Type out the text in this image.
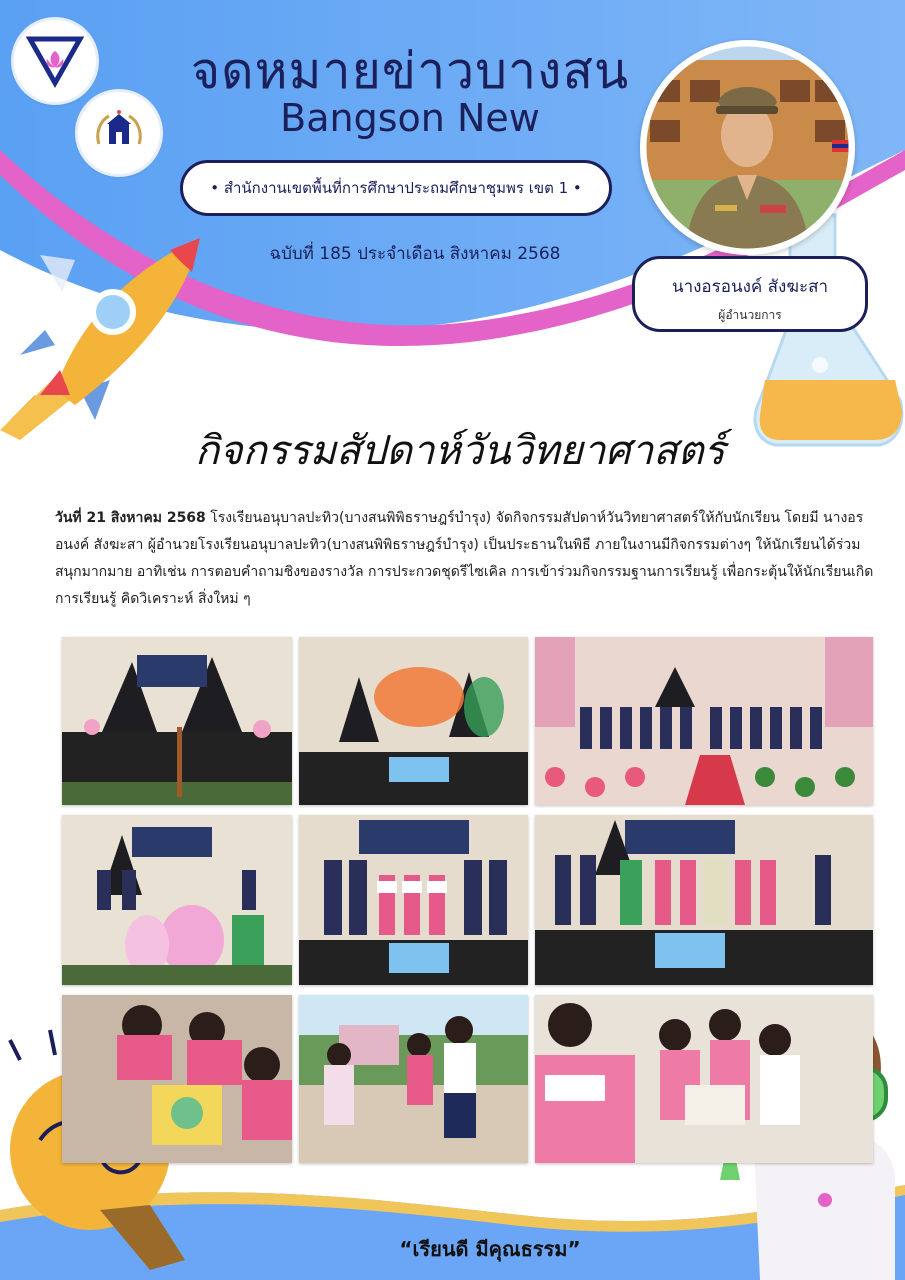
จดหมายข่าวบางสน
Bangson New
• สำนักงานเขตพื้นที่การศึกษาประถมศึกษาชุมพร เขต 1 •
ฉบับที่ 185 ประจำเดือน สิงหาคม 2568
นางอรอนงค์ สังฆะสา
ผู้อำนวยการ
กิจกรรมสัปดาห์วันวิทยาศาสตร์
วันที่ 21 สิงหาคม 2568 โรงเรียนอนุบาลปะทิว(บางสนพิพิธราษฎร์บำรุง) จัดกิจกรรมสัปดาห์วันวิทยาศาสตร์ให้กับนักเรียน โดยมี นางอรอนงค์ สังฆะสา ผู้อำนวยโรงเรียนอนุบาลปะทิว(บางสนพิพิธราษฎร์บำรุง) เป็นประธานในพิธี ภายในงานมีกิจกรรมต่างๆ ให้นักเรียนได้ร่วมสนุกมากมาย อาทิเช่น การตอบคำถามชิงของรางวัล การประกวดชุดรีไซเคิล การเข้าร่วมกิจกรรมฐานการเรียนรู้ เพื่อกระตุ้นให้นักเรียนเกิดการเรียนรู้ คิดวิเคราะห์ สิ่งใหม่ ๆ
“เรียนดี มีคุณธรรม”
